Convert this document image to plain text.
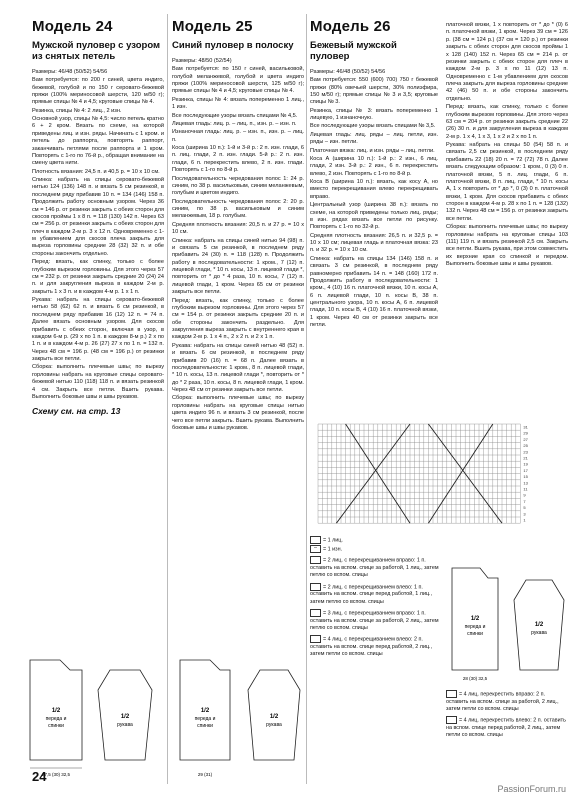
Модель 24
Мужской пуловер с узором из снятых петель

Размеры: 46/48 (50/52) 54/56

Вам потребуется: по 200 г синей, цвета индиго, бежевой, голубой и по 150 г серовато-бежевой пряжи (100% мериносовой шерсти, 120 м/50 г); прямые спицы № 4 и 4,5; круговые спицы № 4.

Резинка, спицы № 4: 2 лиц., 2 изн.

Основной узор, спицы № 4,5: число петель кратно 6 + 2 кром. Вязать по схеме, на которой приведены лиц. и изн. ряды. Начинать с 1 кром. и петель до раппорта, повторять раппорт, заканчивать петлями после раппорта и 1 кром. Повторять с 1-го по 76-й р., обращая внимание на смену цвета нити.

Плотность вязания: 24,5 п. и 40,5 р. = 10 х 10 см.

Спинка: набрать на спицы серовато-бежевой нитью 124 (136) 148 п. и вязать 5 см резинкой, в последнем ряду прибавив 10 п. = 134 (146) 158 п. Продолжить работу основным узором. Через 36 см = 146 р. от резинки закрыть с обеих сторон для скосов проймы 1 х 8 п. = 118 (130) 142 п. Через 63 см = 256 р. от резинки закрыть с обеих сторон для плеч в каждом 2-м р. 3 х 12 п. Одновременно с 1-м убавлением для скосов плеча закрыть для выреза горловины средние 28 (32) 32 п. и обе стороны закончить отдельно.

Перед: вязать, как спинку, только с более глубоким вырезом горловины. Для этого через 57 см = 232 р. от резинки закрыть средние 20 (24) 24 п. и для закругления выреза в каждом 2-м р. закрыть 1 х 3 п. и в каждом 4-м р. 1 х 1 п.

Рукава: набрать на спицы серовато-бежевой нитью 58 (62) 62 п. и вязать 6 см резинкой, в последнем ряду прибавив 16 (12) 12 п. = 74 п. Далее вязать основным узором. Для скосов прибавить с обеих сторон, включая в узор, в каждом 6-м р. (29 х по 1 п. в каждом 8-м р.) 2 х по 1 п. и в каждом 4-м р. 26 (27) 27 х по 1 п. = 132 п. Через 48 см = 196 р. (48 см = 196 р.) от резинки закрыть все петли.

Сборка: выполнить плечевые швы; по вырезу горловины набрать на круговые спицы серовато-бежевой нитью 110 (118) 118 п. и вязать резинкой 4 см. Закрыть все петли. Вшить рукава. Выполнить боковые швы и швы рукавов.

Схему см. на стр. 13
Модель 25
Синий пуловер в полоску

Размеры: 48/50 (52/54)

Вам потребуется: по 150 г синей, васильковой, голубой меланжевой, голубой и цвета индиго пряжи (100% мериносовой шерсти, 125 м/50 г); прямые спицы № 4 и 4,5; круговые спицы № 4.

Резинка, спицы № 4: вязать попеременно 1 лиц., 1 изн.

Все последующие узоры вязать спицами № 4,5.

Лицевая гладь: лиц. р. – лиц. п., изн. р. – изн. п.

Изнаночная гладь: лиц. р. – изн. п., изн. р. – лиц. п.

Коса (ширина 10 п.): 1-й и 3-й р.: 2 п. изн. глади, 6 п. лиц. глади, 2 п. изн. глади. 5-й р.: 2 п. изн. глади, 6 п. перекрестить влево, 2 п. изн. глади. Повторять с 1-го по 8-й р.

Последовательность чередования полос 1: 24 р. синим, по 38 р. васильковым, синим меланжевым, голубым и цветом индиго.

Последовательность чередования полос 2: 20 р. синим, по 38 р. васильковым и синим меланжевым, 18 р. голубым.

Средняя плотность вязания: 20,5 п. и 27 р. = 10 х 10 см.

Спинка: набрать на спицы синей нитью 94 (98) п. и связать 5 см резинкой, в последнем ряду прибавить 24 (30) п. = 118 (128) п. Продолжить работу в последовательности: 1 кром., 7 (12) п. лицевой глади, * 10 п. косы, 13 п. лицевой глади *, повторить от * до * 4 раза, 10 п. косы, 7 (12) п. лицевой глади, 1 кром. Через 65 см от резинки закрыть все петли.

Перед: вязать, как спинку, только с более глубоким вырезом горловины. Для этого через 57 см = 154 р. от резинки закрыть средние 20 п. и обе стороны закончить раздельно. Для закругления выреза закрыть с внутреннего края в каждом 2-м р. 1 х 4 п., 2 х 2 п. и 2 х 1 п.

Рукава: набрать на спицы синей нитью 48 (52) п. и вязать 6 см резинкой, в последнем ряду прибавив 20 (16) п. = 68 п. Далее вязать в последовательности: 1 кром., 8 п. лицевой глади, * 10 п. косы, 13 п. лицевой глади *, повторить от * до * 2 раза, 10 п. косы, 8 п. лицевой глади, 1 кром. Через 48 см от резинки закрыть все петли.

Сборка: выполнить плечевые швы; по вырезу горловины набрать на круговые спицы нитью цвета индиго 96 п. и вязать 3 см резинкой, после чего все петли закрыть. Вшить рукава. Выполнить боковые швы и швы рукавов.

Модель 26
Бежевый мужской пуловер

Размеры: 46/48 (50/52) 54/56

Вам потребуется: 550 (600) 700) 750 г бежевой пряжи (80% овечьей шерсти, 30% полиэфира, 150 м/50 г); прямые спицы № 3 и 3,5; круговые спицы № 3.

Резинка, спицы № 3: вязать попеременно 1 лицевую, 1 изнаночную.

Все последующие узоры вязать спицами № 3,5.

Лицевая гладь: лиц. ряды – лиц. петли, изн. ряды – изн. петли.

Платочная вязка: лиц. и изн. ряды – лиц. петли.

Коса А (ширина 10 п.): 1-й р.: 2 изн., 6 лиц. глади, 2 изн. 3-й р.: 2 изн., 6 п. перекрестить влево, 2 изн. Повторять с 1-го по 8-й р.

Коса В (ширина 10 п.): вязать, как косу А, но вместо перекрещивания влево перекрещивать вправо.

Центральный узор (ширина 38 п.): вязать по схеме, на которой приведены только лиц. ряды; в изн. рядах вязать все петли по рисунку. Повторять с 1-го по 32-й р.

Средняя плотность вязания: 26,5 п. и 32,5 р. = 10 х 10 см; лицевая гладь и платочная вязка: 23 п. и 32 р. = 10 х 10 см.

Спинка: набрать на спицы 134 (146) 158 п. и связать 3 см резинкой, в последнем ряду равномерно прибавить 14 п. = 148 (160) 172 п. Продолжить работу в последовательности: 1 кром., 4 (10) 16 п. платочной вязки, 10 п. косы А, 6 п. лицевой глади, 10 п. косы В, 38 п. центрального узора, 10 п. косы А, 6 п. лицевой глади, 10 п. косы В, 4 (10) 16 п. платочной вязки, 1 кром. Через 40 см от резинки закрыть все петли.

платочной вязки, 1 х повторить от * до * (0) 6 п. платочной вязки, 1 кром. Через 39 см = 126 р. (38 см = 124 р.) (37 см = 120 р.) от резинки закрыть с обеих сторон для скосов проймы 1 х 128 (140) 152 п. Через 65 см = 214 р. от резинки закрыть с обеих сторон для плеч в каждом 2-м р. 3 х по 11 (12) 13 п. Одновременно с 1-м убавлением для скосов плеча закрыть для выреза горловины средние 42 (46) 50 п. и обе стороны закончить отдельно.

Перед: вязать, как спинку, только с более глубоким вырезом горловины. Для этого через 63 см = 204 р. от резинки закрыть средние 22 (26) 30 п. и для закругления выреза в каждом 2-м р. 1 х 4, 1 х 3, 1 х 2 и 2 х по 1 п.

Рукава: набрать на спицы 50 (54) 58 п. и связать 2,5 см резинкой, в последнем ряду прибавить 22 (18) 20 п. = 72 (72) 78 п. Далее вязать следующим образом: 1 кром., 0 (3) 0 п. платочной вязки, 5 п. лиц. глади, 6 п. платочной вязки, 8 п. лиц. глади, * 10 п. косы А, 1 х повторить от * до *, 0 (3) 0 п. платочной вязки, 1 кром. Для скосов прибавить с обеих сторон в каждом 4-м р. 28 х по 1 п. = 128 (132) 132 п. Через 48 см = 156 р. от резинки закрыть все петли.

Сборка: выполнить плечевые швы; по вырезу горловины набрать на круговые спицы 103 (111) 119 п. и вязать резинкой 2,5 см. Закрыть все петли. Вшить рукава, при этом совместить их верхние края со спинкой и передом. Выполнить боковые швы и швы рукавов.

31
29
27
25
23
21
19
17
15
13
11
9
7
5
3
1
= 1 лиц.
– = 1 изн.
= 2 лиц. с перекрещиванием вправо: 1 п. оставить на вспом. спице за работой, 1 лиц., затем петлю со вспом. спицы
= 2 лиц. с перекрещиванием влево: 1 п. оставить на вспом. спице перед работой, 1 лиц., затем петлю со вспом. спицы
= 3 лиц. с перекрещиванием вправо: 1 п. оставить на вспом. спице за работой, 2 лиц., затем петлю со вспом. спицы
= 4 лиц. с перекрещиванием влево: 2 п. оставить на вспом. спице перед работой, 2 лиц., затем петли со вспом. спицы
= 4 лиц. перекрестить вправо: 2 п. оставить на вспом. спице за работой, 2 лиц., затем петли со вспом. спицы
= 4 лиц. перекрестить влево: 2 п. оставить на вспом. спице перед работой, 2 лиц., затем петли со вспом. спицы
1/2
переда и
спинки
1/2
рукава
27,5 (30) 32,5
1/2
переда и
спинки
1/2
рукава
29 (31)
1/2
переда и
спинки
1/2
рукава
28 (30) 32,5
24
PassionForum.ru
